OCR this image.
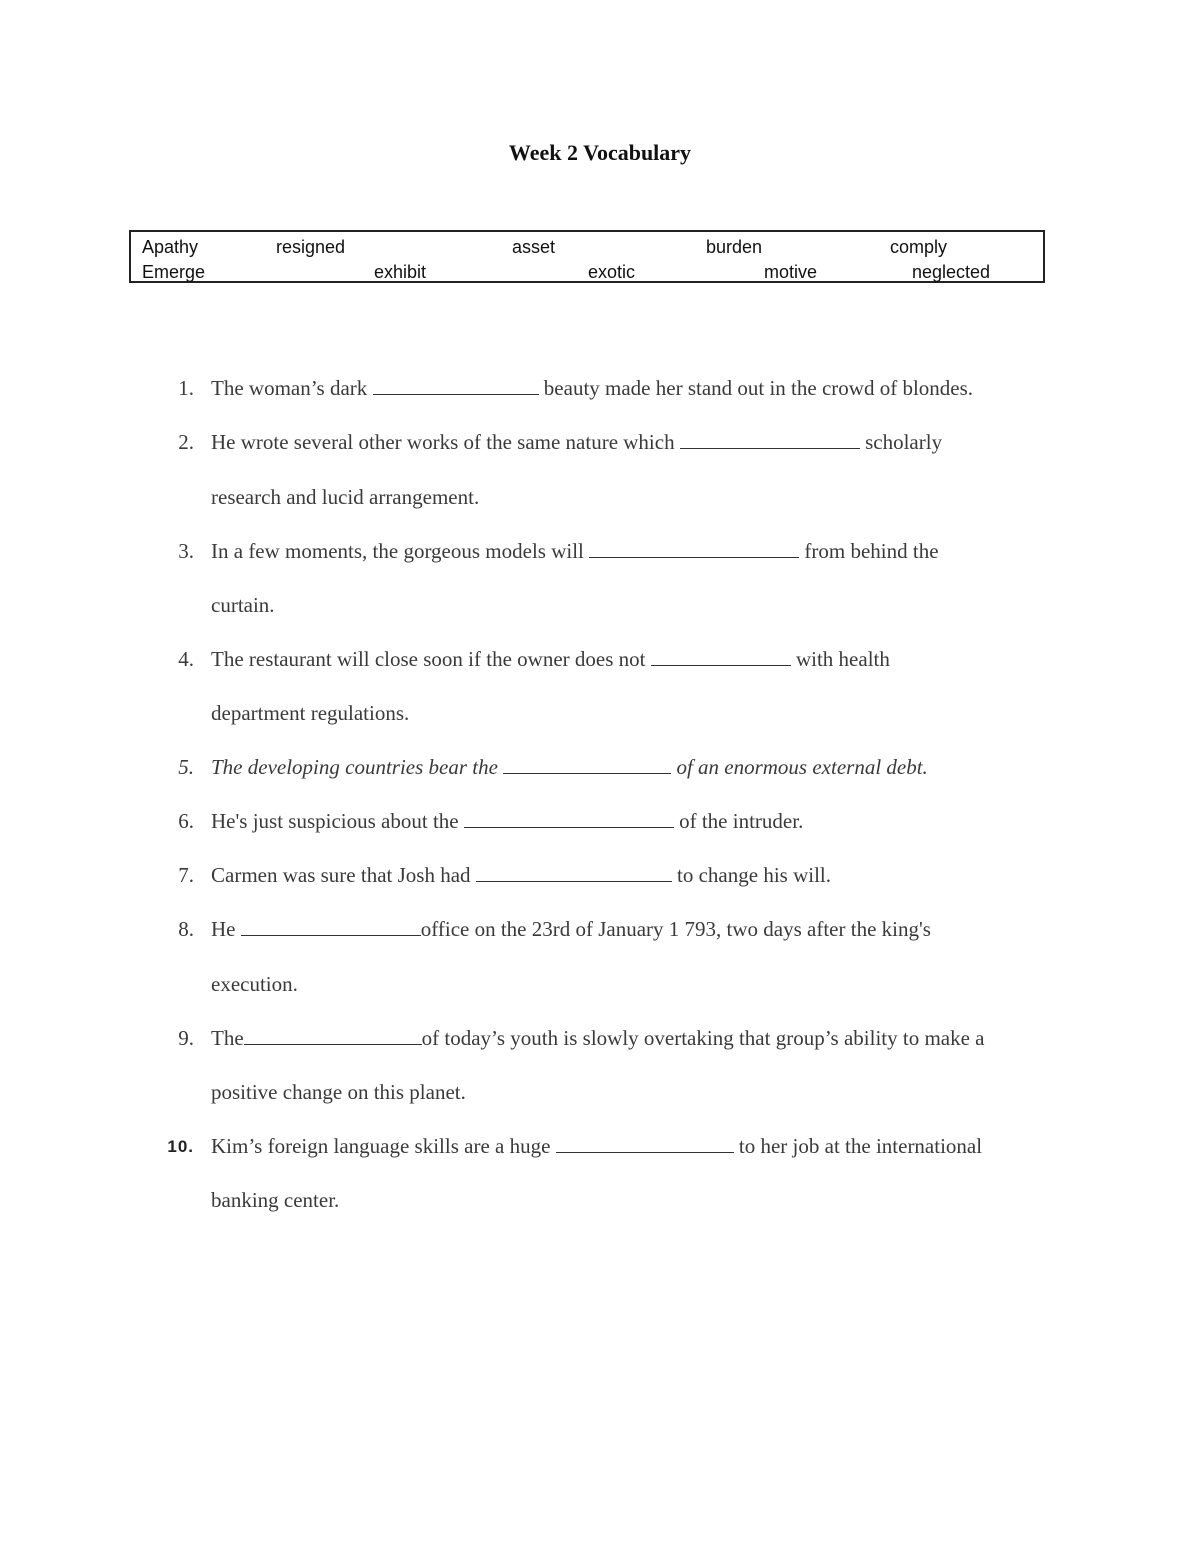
Week 2 Vocabulary
Apathy	resigned	asset	burden	comply
Emerge	exhibit	exotic	motive	neglected
1. The woman’s dark	beauty made her stand out in the crowd of blondes.
2. He wrote several other works of the same nature which	scholarly
research and lucid arrangement.
3. In a few moments, the gorgeous models will	from behind the
curtain.
4. The restaurant will close soon if the owner does not	with health
department regulations.
5. The developing countries bear the	of an enormous external debt.
6. He's just suspicious about the	of the intruder.
7. Carmen was sure that Josh had	to change his will.
8. He	office on the 23rd of January 1 793, two days after the king's
execution.
9. The	of today’s youth is slowly overtaking that group’s ability to make a
positive change on this planet.
10. Kim’s foreign language skills are a huge	to her job at the international
banking center.
